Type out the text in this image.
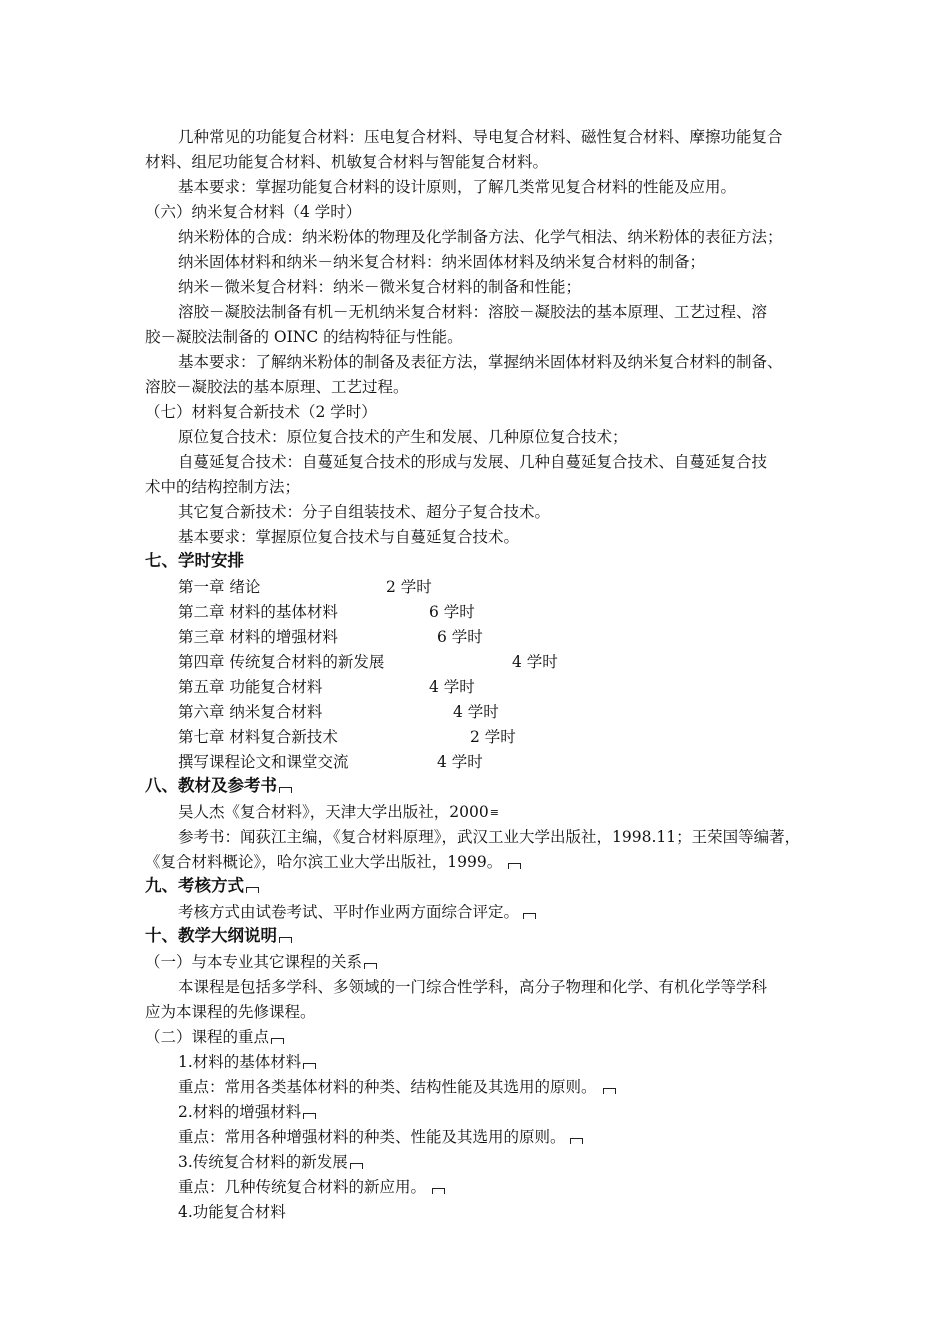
几种常见的功能复合材料：压电复合材料、导电复合材料、磁性复合材料、摩擦功能复合
材料、组尼功能复合材料、机敏复合材料与智能复合材料。
基本要求：掌握功能复合材料的设计原则，了解几类常见复合材料的性能及应用。
（六）纳米复合材料（4 学时）
纳米粉体的合成：纳米粉体的物理及化学制备方法、化学气相法、纳米粉体的表征方法；
纳米固体材料和纳米－纳米复合材料：纳米固体材料及纳米复合材料的制备；
纳米－微米复合材料：纳米－微米复合材料的制备和性能；
溶胶－凝胶法制备有机－无机纳米复合材料：溶胶－凝胶法的基本原理、工艺过程、溶
胶－凝胶法制备的 OINC 的结构特征与性能。
基本要求：了解纳米粉体的制备及表征方法，掌握纳米固体材料及纳米复合材料的制备、
溶胶－凝胶法的基本原理、工艺过程。
（七）材料复合新技术（2 学时）
原位复合技术：原位复合技术的产生和发展、几种原位复合技术；
自蔓延复合技术：自蔓延复合技术的形成与发展、几种自蔓延复合技术、自蔓延复合技
术中的结构控制方法；
其它复合新技术：分子自组装技术、超分子复合技术。
基本要求：掌握原位复合技术与自蔓延复合技术。
七、学时安排
第一章 绪论	2 学时
第二章 材料的基体材料	6 学时
第三章 材料的增强材料	6 学时
第四章 传统复合材料的新发展	4 学时
第五章 功能复合材料	4 学时
第六章 纳米复合材料	4 学时
第七章 材料复合新技术	2 学时
撰写课程论文和课堂交流	4 学时
八、教材及参考书
吴人杰《复合材料》，天津大学出版社，2000≡
参考书：闻荻江主编，《复合材料原理》，武汉工业大学出版社，1998.11；王荣国等编著，
《复合材料概论》，哈尔滨工业大学出版社，1999。
九、考核方式
考核方式由试卷考试、平时作业两方面综合评定。
十、教学大纲说明
（一）与本专业其它课程的关系
本课程是包括多学科、多领域的一门综合性学科，高分子物理和化学、有机化学等学科
应为本课程的先修课程。
（二）课程的重点
1.材料的基体材料
重点：常用各类基体材料的种类、结构性能及其选用的原则。
2.材料的增强材料
重点：常用各种增强材料的种类、性能及其选用的原则。
3.传统复合材料的新发展
重点：几种传统复合材料的新应用。
4.功能复合材料
